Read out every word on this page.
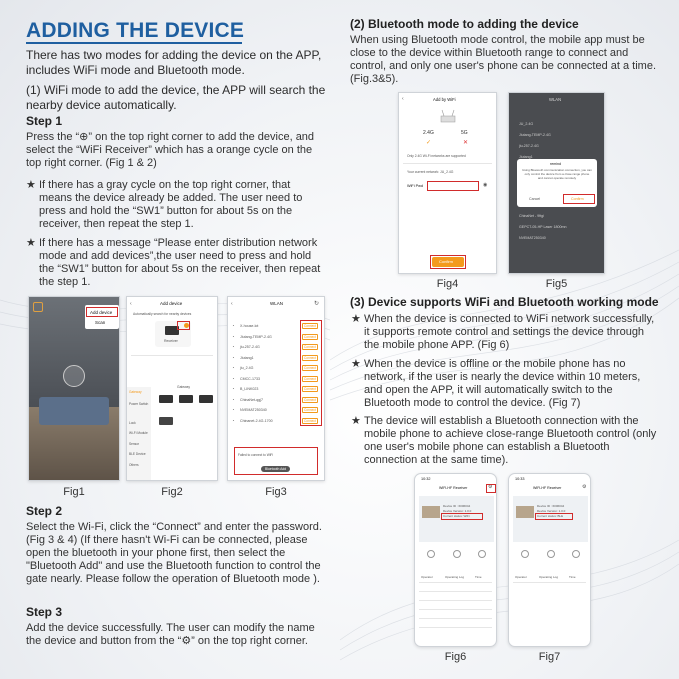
ADDING THE DEVICE
There has two modes for adding the device on the APP, includes WiFi mode and Bluetooth mode.
(1) WiFi mode to add the device, the APP will search the nearby device automatically.
Step 1
Press the “⊕” on the top right corner to add the device, and select the “WiFi Receiver” which has a orange cycle on the top right corner. (Fig 1 & 2)
★ If there has a gray cycle on the top right corner, that means the device already be added. The user need to press and hold the “SW1” button for about 5s on the receiver, then repeat the step 1.
★ If there has a message “Please enter distribution network mode and add devices”,the user need to press and hold the “SW1” button for about 5s on the receiver, then repeat the step 1.
Add device
Scan
Fig1
‹	Add device
Automatically search for nearby devices
Receiver
Gateway
Power Switch
Lock
Wi-Fi Module
Sensor
BLE Device
Others
Gateway
Fig2
‹	WLAN	↻
◔ X-house-lot	Connect
◔ Jiutang-TEMP-2.4G	Connect
◔ jiu-257-2.4G	Connect
◔ Jiutang1	Connect
◔ jiu_2.4G	Connect
◔ CMCC-1733	Connect
◔ B_LINK023	Connect
◔ ChinaNet-qgj7	Connect
◔ NVEMAT250340	Connect
◔ Chinanet-2.4G-1700	Connect
Failed to connect to WiFi
Bluetooth Add
Fig3
Step 2
Select the Wi-Fi, click the “Connect” and enter the password. (Fig 3 & 4) (If there hasn't Wi-Fi can be connected, please open the bluetooth in your phone first, then select the "Bluetooth Add" and use the Bluetooth function to control the gate nearly. Please follow the operation of Bluetooth mode ).
Step 3
Add the device successfully. The user can modify the name the device and button from the “⚙” on the top right corner.
(2) Bluetooth mode to adding the device
When using Bluetooth mode control, the mobile app must be close to the device within Bluetooth range to connect and control, and only one user's phone can be connected at a time.(Fig.3&5).
‹	Add by WiFi
2.4G	5G
✓	✕
Only 2.4G Wi-Fi networks are supported
Your current network: JU_2.4G
WiFi Pwd	◉
Confirm
Fig4
WLAN
JU_2.4G
Jiutang-TEMP-2.4G
jiu-257-2.4G
Jiutang1
ChinaNet - 9ftgi
GEPCT-05-HP Laser 1800mn
NVEMAT250340
remind
Using Bluetooth communication connection, you can only control the device from a close range phone and cannot operate remotely
Cancel	Confirm
Fig5
(3) Device supports WiFi and Bluetooth working mode
★ When the device is connected to WiFi network successfully, it supports remote control and settings the device through the mobile phone APP. (Fig 6)
★ When the device is offline or the mobile phone has no network, if the user is nearly the device within 10 meters, and open the APP, it will automatically switch to the Bluetooth mode to control the device. (Fig 7)
★ The device will establish a Bluetooth connection with the mobile phone to achieve close-range Bluetooth control (only one user's mobile phone can establish a Bluetooth connection at the same time).
10:32
WiFi-HF Receiver	⚙
Device ID : 6006044
Device Version: 1.0.0
Current status: WiFi
Operator	Operating Log	Time
Fig6
10:33
WiFi-HF Receiver	⚙
Device ID : 6006044
Device Version: 1.0.0
Current status: BLE
Operator	Operating Log	Time
Fig7
